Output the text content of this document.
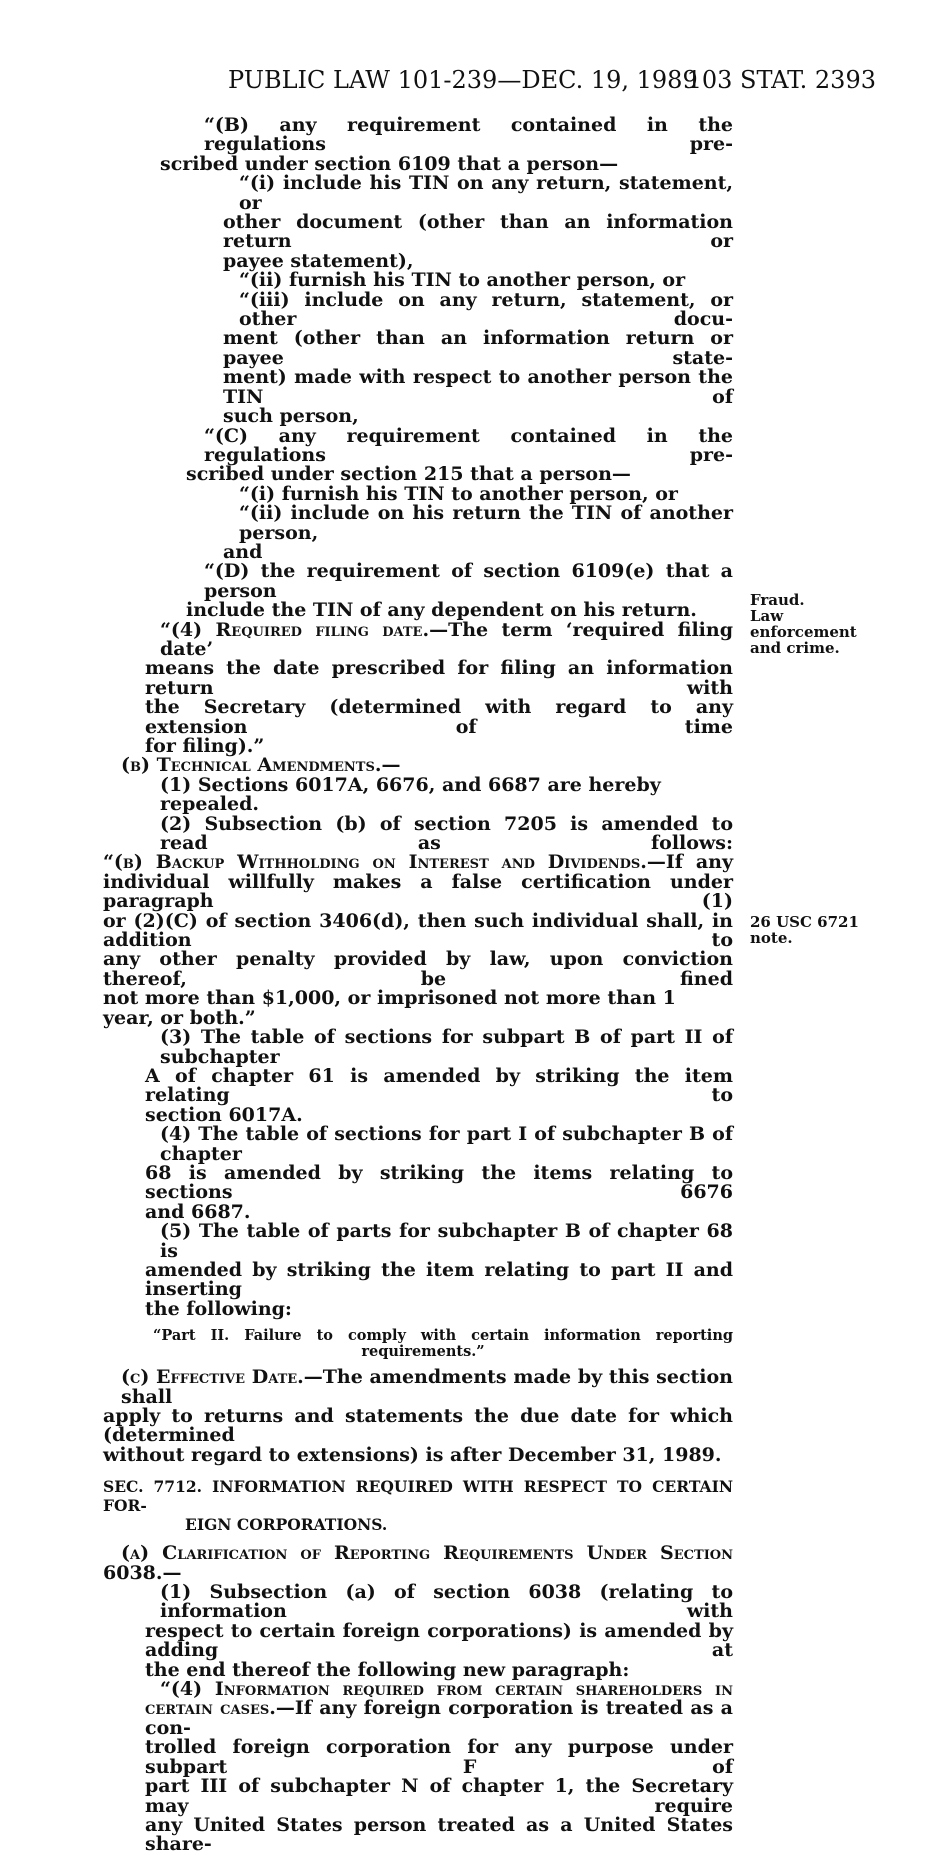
PUBLIC LAW 101-239—DEC. 19, 1989
103 STAT. 2393
Fraud.
Law
enforcement
and crime.
26 USC 6721
note.
“(B) any requirement contained in the regulations pre-
scribed under section 6109 that a person—
“(i) include his TIN on any return, statement, or
other document (other than an information return or
payee statement),
“(ii) furnish his TIN to another person, or
“(iii) include on any return, statement, or other docu-
ment (other than an information return or payee state-
ment) made with respect to another person the TIN of
such person,
“(C) any requirement contained in the regulations pre-
scribed under section 215 that a person—
“(i) furnish his TIN to another person, or
“(ii) include on his return the TIN of another person,
and
“(D) the requirement of section 6109(e) that a person
include the TIN of any dependent on his return.
“(4) Required filing date.—The term ‘required filing date’
means the date prescribed for filing an information return with
the Secretary (determined with regard to any extension of time
for filing).”
(b) Technical Amendments.—
(1) Sections 6017A, 6676, and 6687 are hereby repealed.
(2) Subsection (b) of section 7205 is amended to read as follows:
“(b) Backup Withholding on Interest and Dividends.—If any
individual willfully makes a false certification under paragraph (1)
or (2)(C) of section 3406(d), then such individual shall, in addition to
any other penalty provided by law, upon conviction thereof, be fined
not more than $1,000, or imprisoned not more than 1 year, or both.”
(3) The table of sections for subpart B of part II of subchapter
A of chapter 61 is amended by striking the item relating to
section 6017A.
(4) The table of sections for part I of subchapter B of chapter
68 is amended by striking the items relating to sections 6676
and 6687.
(5) The table of parts for subchapter B of chapter 68 is
amended by striking the item relating to part II and inserting
the following:
“Part II. Failure to comply with certain information reporting
requirements.”
(c) Effective Date.—The amendments made by this section shall
apply to returns and statements the due date for which (determined
without regard to extensions) is after December 31, 1989.
SEC. 7712. INFORMATION REQUIRED WITH RESPECT TO CERTAIN FOR-
EIGN CORPORATIONS.
(a) Clarification of Reporting Requirements Under Section
6038.—
(1) Subsection (a) of section 6038 (relating to information with
respect to certain foreign corporations) is amended by adding at
the end thereof the following new paragraph:
“(4) Information required from certain shareholders in
certain cases.—If any foreign corporation is treated as a con-
trolled foreign corporation for any purpose under subpart F of
part III of subchapter N of chapter 1, the Secretary may require
any United States person treated as a United States share-
